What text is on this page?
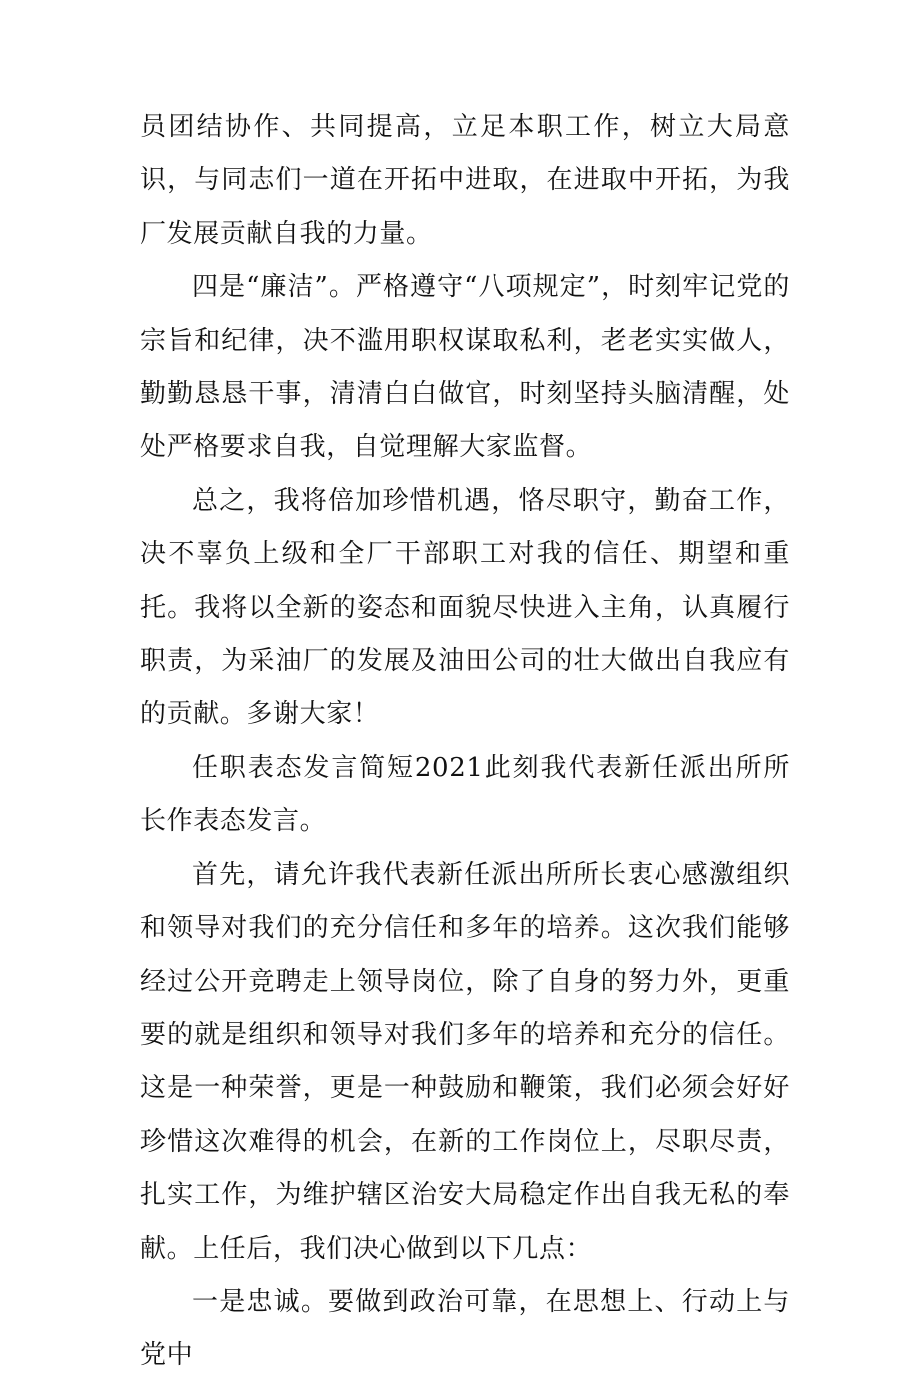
员团结协作、共同提高，立足本职工作，树立大局意识，与同志们一道在开拓中进取，在进取中开拓，为我厂发展贡献自我的力量。

四是“廉洁”。严格遵守“八项规定”，时刻牢记党的宗旨和纪律，决不滥用职权谋取私利，老老实实做人，勤勤恳恳干事，清清白白做官，时刻坚持头脑清醒，处处严格要求自我，自觉理解大家监督。

总之，我将倍加珍惜机遇，恪尽职守，勤奋工作，决不辜负上级和全厂干部职工对我的信任、期望和重托。我将以全新的姿态和面貌尽快进入主角，认真履行职责，为采油厂的发展及油田公司的壮大做出自我应有的贡献。多谢大家！

任职表态发言简短2021此刻我代表新任派出所所长作表态发言。

首先，请允许我代表新任派出所所长衷心感激组织和领导对我们的充分信任和多年的培养。这次我们能够经过公开竞聘走上领导岗位，除了自身的努力外，更重要的就是组织和领导对我们多年的培养和充分的信任。这是一种荣誉，更是一种鼓励和鞭策，我们必须会好好珍惜这次难得的机会，在新的工作岗位上，尽职尽责，扎实工作，为维护辖区治安大局稳定作出自我无私的奉献。上任后，我们决心做到以下几点：

一是忠诚。要做到政治可靠，在思想上、行动上与党中
